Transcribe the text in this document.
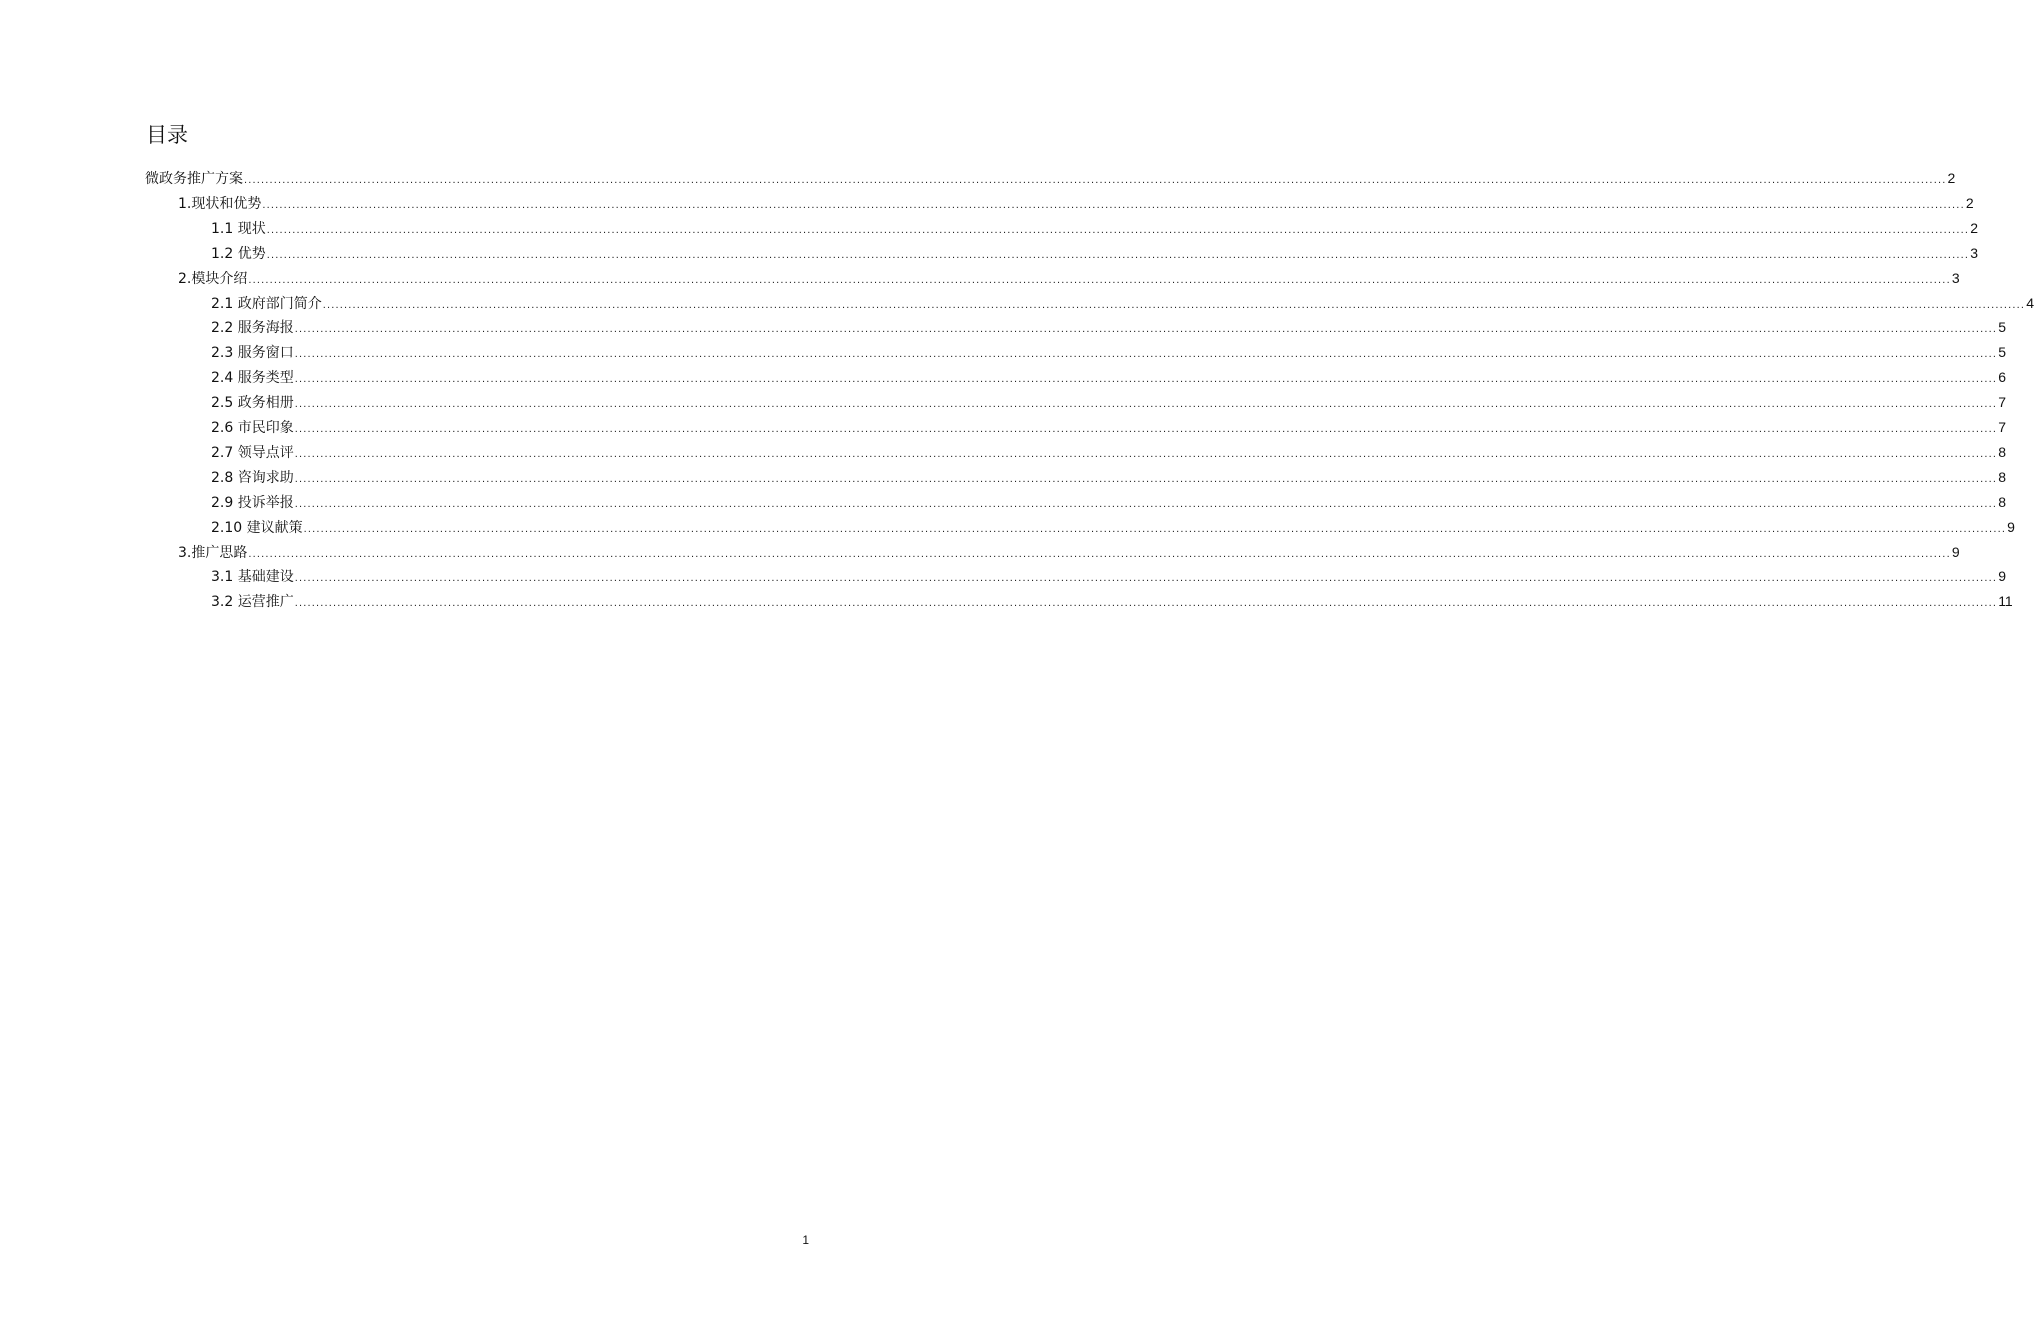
目录
微政务推广方案 ................................................................................................................................................................................................................................................................................................................................................................................................................ 2
1.现状和优势 ................................................................................................................................................................................................................................................................................................................................................................................................................ 2
1.1 现状 ................................................................................................................................................................................................................................................................................................................................................................................................................ 2
1.2 优势 ................................................................................................................................................................................................................................................................................................................................................................................................................ 3
2.模块介绍 ................................................................................................................................................................................................................................................................................................................................................................................................................ 3
2.1 政府部门简介 ................................................................................................................................................................................................................................................................................................................................................................................................................ 4
2.2 服务海报 ................................................................................................................................................................................................................................................................................................................................................................................................................ 5
2.3 服务窗口 ................................................................................................................................................................................................................................................................................................................................................................................................................ 5
2.4 服务类型 ................................................................................................................................................................................................................................................................................................................................................................................................................ 6
2.5 政务相册 ................................................................................................................................................................................................................................................................................................................................................................................................................ 7
2.6 市民印象 ................................................................................................................................................................................................................................................................................................................................................................................................................ 7
2.7 领导点评 ................................................................................................................................................................................................................................................................................................................................................................................................................ 8
2.8 咨询求助 ................................................................................................................................................................................................................................................................................................................................................................................................................ 8
2.9 投诉举报 ................................................................................................................................................................................................................................................................................................................................................................................................................ 8
2.10 建议献策 ................................................................................................................................................................................................................................................................................................................................................................................................................ 9
3.推广思路 ................................................................................................................................................................................................................................................................................................................................................................................................................ 9
3.1 基础建设 ................................................................................................................................................................................................................................................................................................................................................................................................................ 9
3.2 运营推广 ................................................................................................................................................................................................................................................................................................................................................................................................................ 11
1
